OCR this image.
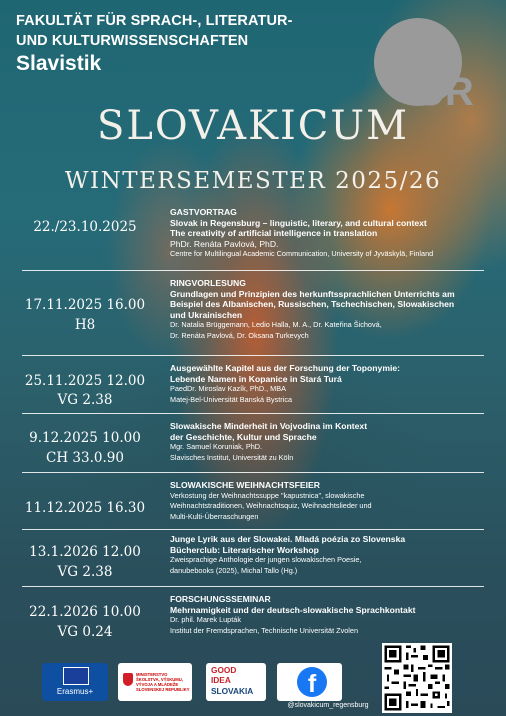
FAKULTÄT FÜR SPRACH-, LITERATUR-
UND KULTURWISSENSCHAFTEN
Slavistik
UR
SLOVAKICUM
WINTERSEMESTER 2025/26
22./23.10.2025
GASTVORTRAG
Slovak in Regensburg – linguistic, literary, and cultural context
The creativity of artificial intelligence in translation
PhDr. Renáta Pavlová, PhD.
Centre for Multilingual Academic Communication, University of Jyväskylä, Finland
17.11.2025 16.00
H8
RINGVORLESUNG
Grundlagen und Prinzipien des herkunftssprachlichen Unterrichts am
Beispiel des Albanischen, Russischen, Tschechischen, Slowakischen
und Ukrainischen
Dr. Natalia Brüggemann, Ledio Halla, M. A., Dr. Kateřina Šichová,
Dr. Renáta Pavlová, Dr. Oksana Turkevych
25.11.2025 12.00
VG 2.38
Ausgewählte Kapitel aus der Forschung der Toponymie:
Lebende Namen in Kopanice in Stará Turá
PaedDr. Miroslav Kazík, PhD., MBA
Matej-Bel-Universität Banská Bystrica
9.12.2025 10.00
CH 33.0.90
Slowakische Minderheit in Vojvodina im Kontext
der Geschichte, Kultur und Sprache
Mgr. Samuel Koruniak, PhD.
Slavisches Institut, Universität zu Köln
11.12.2025 16.30
SLOWAKISCHE WEIHNACHTSFEIER
Verkostung der Weihnachtssuppe "kapustnica", slowakische
Weihnachtstraditionen, Weihnachtsquiz, Weihnachtslieder und
Multi-Kulti-Überraschungen
13.1.2026 12.00
VG 2.38
Junge Lyrik aus der Slowakei. Mladá poézia zo Slovenska
Bücherclub: Literarischer Workshop
Zweisprachige Anthologie der jungen slowakischen Poesie,
danubebooks (2025), Michal Tallo (Hg.)
22.1.2026 10.00
VG 0.24
FORSCHUNGSSEMINAR
Mehrnamigkeit und der deutsch-slowakische Sprachkontakt
Dr. phil. Marek Lupták
Institut der Fremdsprachen, Technische Universität Zvolen
Erasmus+
MINISTERSTVO
ŠKOLSTVA, VÝSKUMU,
VÝVOJA A MLÁDEŽE
SLOVENSKEJ REPUBLIKY
GOOD
IDEA
SLOVAKIA	f
@slovakicum_regensburg
